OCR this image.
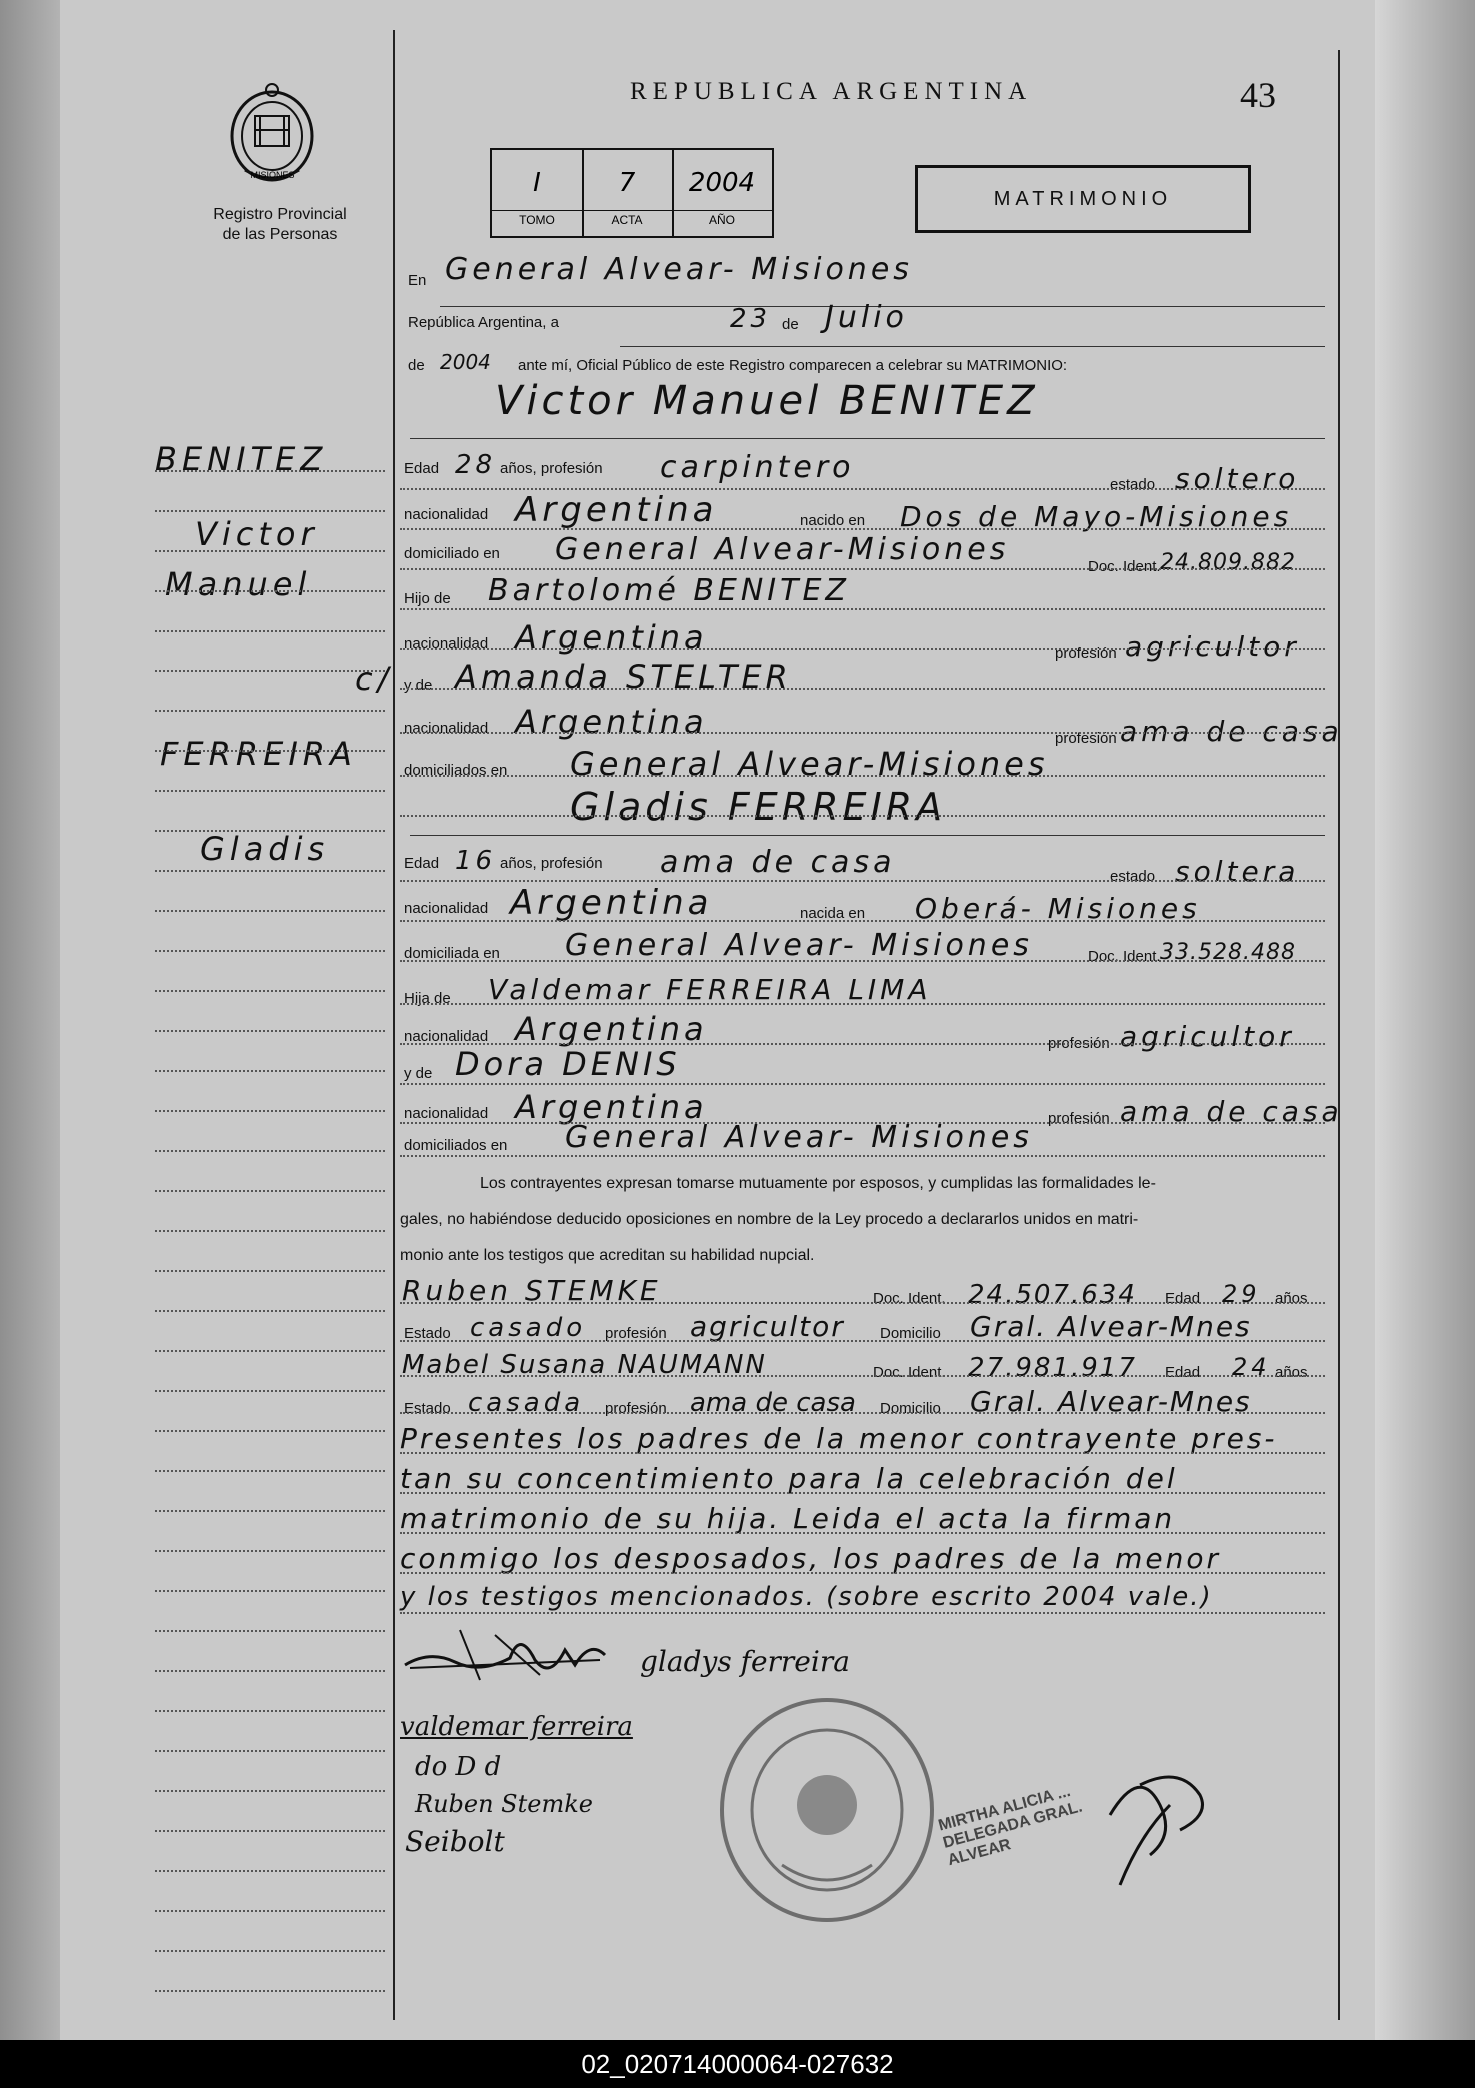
MISIONES
Registro Provincial
de las Personas
REPUBLICA ARGENTINA	43
I
TOMO
7
ACTA
2004
AÑO
MATRIMONIO
BENITEZ
Victor
Manuel
c/
FERREIRA
Gladis
En General Alvear- Misiones
República Argentina, a	23 de Julio
de 2004 ante mí, Oficial Público de este Registro comparecen a celebrar su MATRIMONIO:
Victor Manuel BENITEZ
Edad 28 años, profesión carpintero	estado soltero
nacionalidad Argentina	nacido en Dos de Mayo-Misiones
domiciliado en General Alvear-Misiones	Doc. Ident. 24.809.882
Hijo de Bartolomé BENITEZ
nacionalidad Argentina	profesión agricultor
y de Amanda STELTER
nacionalidad Argentina	profesión ama de casa
domiciliados en General Alvear-Misiones
Gladis FERREIRA
Edad 16 años, profesión ama de casa	estado soltera
nacionalidad Argentina	nacida en Oberá- Misiones
domiciliada en General Alvear- Misiones	Doc. Ident. 33.528.488
Hija de Valdemar FERREIRA LIMA
nacionalidad Argentina	profesión agricultor
y de Dora DENIS
nacionalidad Argentina	profesión ama de casa
domiciliados en General Alvear- Misiones
Los contrayentes expresan tomarse mutuamente por esposos, y cumplidas las formalidades le-
gales, no habiéndose deducido oposiciones en nombre de la Ley procedo a declararlos unidos en matri-
monio ante los testigos que acreditan su habilidad nupcial.
Ruben STEMKE	Doc. Ident. 24.507.634 Edad 29 años
Estado casado profesión agricultor Domicilio Gral. Alvear-Mnes
Mabel Susana NAUMANN	Doc. Ident. 27.981.917 Edad 24 años
Estado casada profesión ama de casa Domicilio Gral. Alvear-Mnes
Presentes los padres de la menor contrayente pres-
tan su concentimiento para la celebración del
matrimonio de su hija. Leida el acta la firman
conmigo los desposados, los padres de la menor
y los testigos mencionados. (sobre escrito 2004 vale.)
gladys ferreira
valdemar ferreira
do D d
Ruben Stemke
Seibolt
MIRTHA ALICIA ... DELEGADA GRAL. ALVEAR
02_020714000064-027632
